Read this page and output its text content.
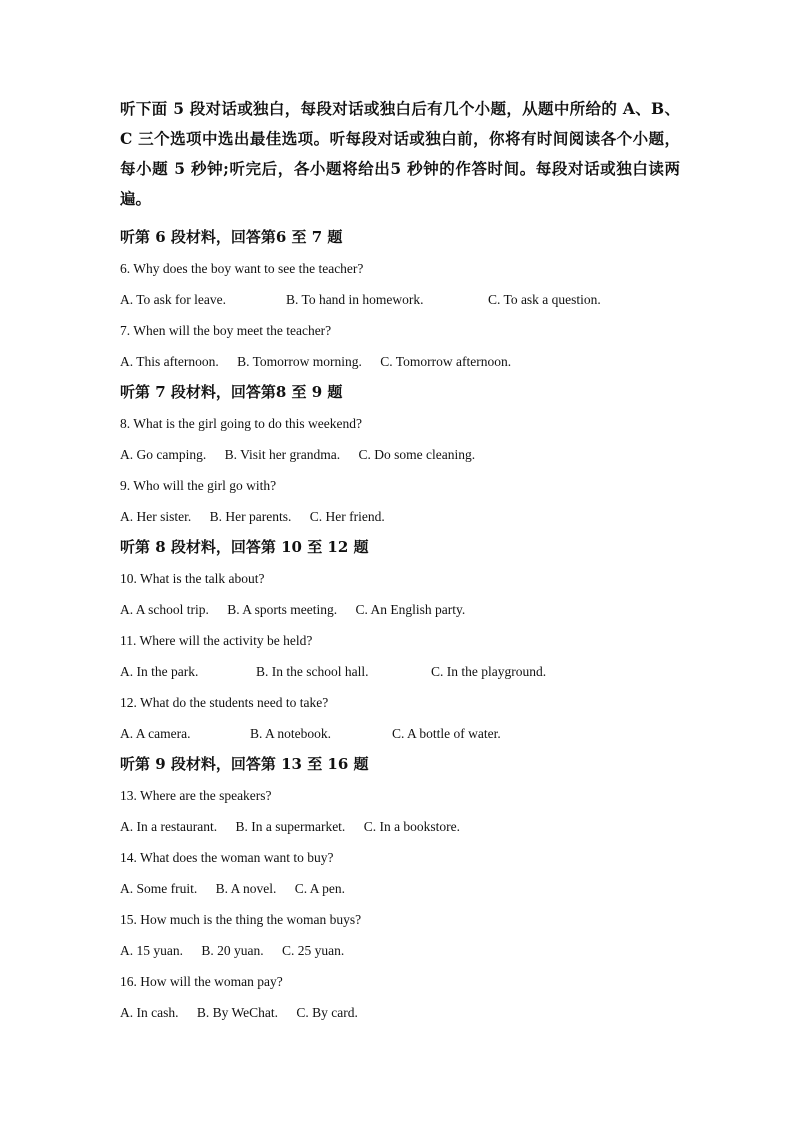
听下面 5 段对话或独白，每段对话或独白后有几个小题，从题中所给的 A、B、C 三个选项中选出最佳选项。听每段对话或独白前，你将有时间阅读各个小题，每小题 5 秒钟;听完后，各小题将给出5 秒钟的作答时间。每段对话或独白读两遍。

听第 6 段材料，回答第6 至 7 题
6. Why does the boy want to see the teacher?
A. To ask for leave.	B. To hand in homework.	C. To ask a question.
7. When will the boy meet the teacher?
A. This afternoon. B. Tomorrow morning. C. Tomorrow afternoon.
听第 7 段材料，回答第8 至 9 题
8. What is the girl going to do this weekend?
A. Go camping. B. Visit her grandma. C. Do some cleaning.
9. Who will the girl go with?
A. Her sister. B. Her parents. C. Her friend.
听第 8 段材料，回答第 10 至 12 题
10. What is the talk about?
A. A school trip. B. A sports meeting. C. An English party.
11. Where will the activity be held?
A. In the park.	B. In the school hall.	C. In the playground.
12. What do the students need to take?
A. A camera.	B. A notebook.	C. A bottle of water.
听第 9 段材料，回答第 13 至 16 题
13. Where are the speakers?
A. In a restaurant. B. In a supermarket. C. In a bookstore.
14. What does the woman want to buy?
A. Some fruit. B. A novel. C. A pen.
15. How much is the thing the woman buys?
A. 15 yuan. B. 20 yuan. C. 25 yuan.
16. How will the woman pay?
A. In cash. B. By WeChat. C. By card.
